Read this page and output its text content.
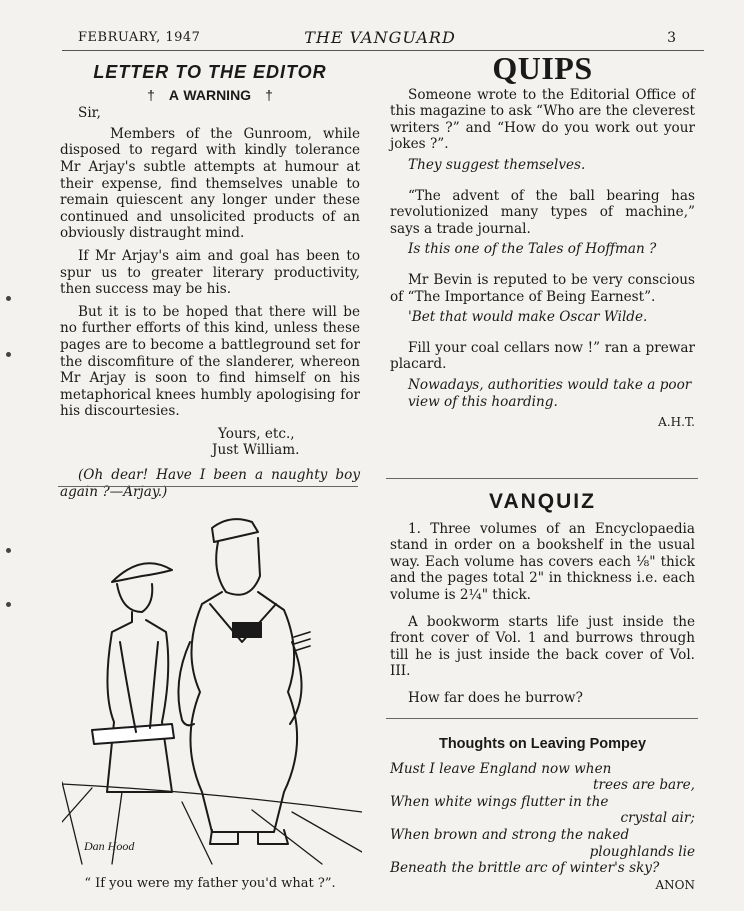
FEBRUARY, 1947	THE VANGUARD	3
LETTER TO THE EDITOR
† A WARNING †
Sir,

Members of the Gunroom, while disposed to regard with kindly tolerance Mr Arjay's subtle attempts at humour at their expense, find themselves unable to remain quiescent any longer under these continued and unsolicited products of an obviously distraught mind.

If Mr Arjay's aim and goal has been to spur us to greater literary productivity, then success may be his.

But it is to be hoped that there will be no further efforts of this kind, unless these pages are to become a battleground set for the discomfiture of the slanderer, whereon Mr Arjay is soon to find himself on his metaphorical knees humbly apologising for his discourtesies.

Yours, etc.,
Just William.

(Oh dear! Have I been a naughty boy again ?—Arjay.)

Dan Hood
“ If you were my father you'd what ?”.
QUIPS

Someone wrote to the Editorial Office of this magazine to ask “Who are the cleverest writers ?” and “How do you work out your jokes ?”.

They suggest themselves.

“The advent of the ball bearing has revolutionized many types of machine,” says a trade journal.

Is this one of the Tales of Hoffman ?

Mr Bevin is reputed to be very conscious of “The Importance of Being Earnest”.

'Bet that would make Oscar Wilde.

Fill your coal cellars now !” ran a prewar placard.

Nowadays, authorities would take a poor view of this hoarding.

A.H.T.
VANQUIZ

1. Three volumes of an Encyclopaedia stand in order on a bookshelf in the usual way. Each volume has covers each ⅛" thick and the pages total 2" in thickness i.e. each volume is 2¼" thick.

A bookworm starts life just inside the front cover of Vol. 1 and burrows through till he is just inside the back cover of Vol. III.

How far does he burrow?

Thoughts on Leaving Pompey
Must I leave England now when
trees are bare,
When white wings flutter in the
crystal air;
When brown and strong the naked
ploughlands lie
Beneath the brittle arc of winter's sky?
ANON
